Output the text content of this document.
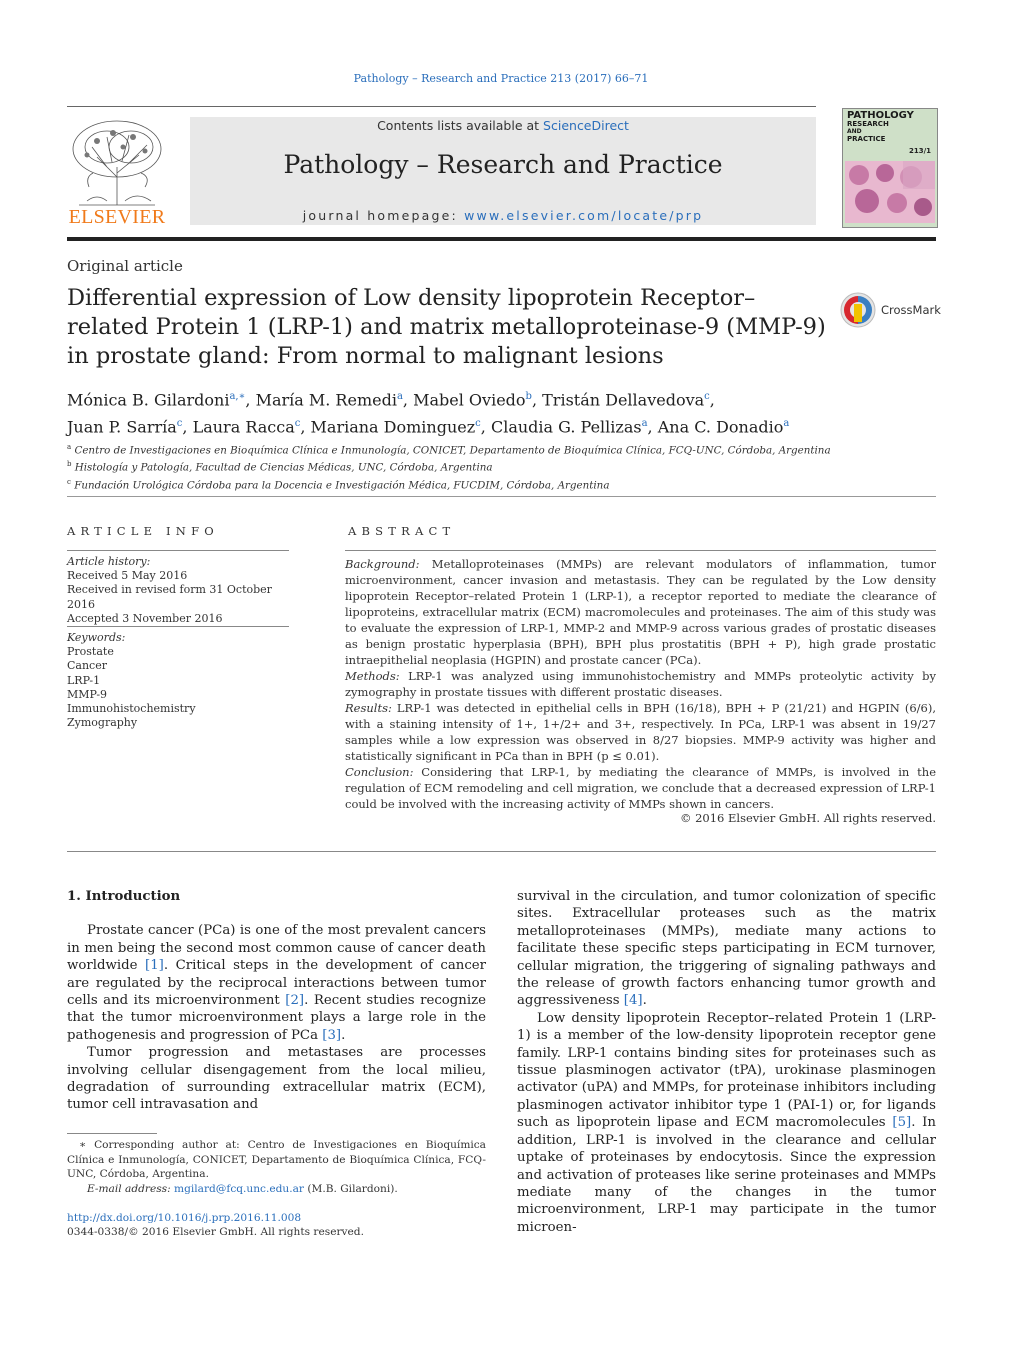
Pathology – Research and Practice 213 (2017) 66–71
ELSEVIER
Contents lists available at ScienceDirect
Pathology – Research and Practice
journal homepage: www.elsevier.com/locate/prp
PATHOLOGY
RESEARCH
AND
PRACTICE
213/1
Original article
Differential expression of Low density lipoprotein Receptor–related Protein 1 (LRP-1) and matrix metalloproteinase-9 (MMP-9) in prostate gland: From normal to malignant lesions
CrossMark
Mónica B. Gilardoni$^{a,∗}$, María M. Remedi$^a$, Mabel Oviedo$^b$, Tristán Dellavedova$^c$,
Juan P. Sarría$^c$, Laura Racca$^c$, Mariana Dominguez$^c$, Claudia G. Pellizas$^a$, Ana C. Donadio$^a$
$^a$ Centro de Investigaciones en Bioquímica Clínica e Inmunología, CONICET, Departamento de Bioquímica Clínica, FCQ-UNC, Córdoba, Argentina
$^b$ Histología y Patología, Facultad de Ciencias Médicas, UNC, Córdoba, Argentina
$^c$ Fundación Urológica Córdoba para la Docencia e Investigación Médica, FUCDIM, Córdoba, Argentina
ARTICLE INFO	ABSTRACT
Article history:
Received 5 May 2016
Received in revised form 31 October 2016
Accepted 3 November 2016
Keywords:
Prostate
Cancer
LRP-1
MMP-9
Immunohistochemistry
Zymography

Background: Metalloproteinases (MMPs) are relevant modulators of inflammation, tumor microenvironment, cancer invasion and metastasis. They can be regulated by the Low density lipoprotein Receptor–related Protein 1 (LRP-1), a receptor reported to mediate the clearance of lipoproteins, extracellular matrix (ECM) macromolecules and proteinases. The aim of this study was to evaluate the expression of LRP-1, MMP-2 and MMP-9 across various grades of prostatic diseases as benign prostatic hyperplasia (BPH), BPH plus prostatitis (BPH + P), high grade prostatic intraepithelial neoplasia (HGPIN) and prostate cancer (PCa).

Methods: LRP-1 was analyzed using immunohistochemistry and MMPs proteolytic activity by zymography in prostate tissues with different prostatic diseases.

Results: LRP-1 was detected in epithelial cells in BPH (16/18), BPH + P (21/21) and HGPIN (6/6), with a staining intensity of 1+, 1+/2+ and 3+, respectively. In PCa, LRP-1 was absent in 19/27 samples while a low expression was observed in 8/27 biopsies. MMP-9 activity was higher and statistically significant in PCa than in BPH (p ≤ 0.01).

Conclusion: Considering that LRP-1, by mediating the clearance of MMPs, is involved in the regulation of ECM remodeling and cell migration, we conclude that a decreased expression of LRP-1 could be involved with the increasing activity of MMPs shown in cancers.

© 2016 Elsevier GmbH. All rights reserved.

1. Introduction

Prostate cancer (PCa) is one of the most prevalent cancers in men being the second most common cause of cancer death worldwide [1]. Critical steps in the development of cancer are regulated by the reciprocal interactions between tumor cells and its microenvironment [2]. Recent studies recognize that the tumor microenvironment plays a large role in the pathogenesis and progression of PCa [3].

Tumor progression and metastases are processes involving cellular disengagement from the local milieu, degradation of surrounding extracellular matrix (ECM), tumor cell intravasation and

survival in the circulation, and tumor colonization of specific sites. Extracellular proteases such as the matrix metalloproteinases (MMPs), mediate many actions to facilitate these specific steps participating in ECM turnover, cellular migration, the triggering of signaling pathways and the release of growth factors enhancing tumor growth and aggressiveness [4].

Low density lipoprotein Receptor–related Protein 1 (LRP-1) is a member of the low-density lipoprotein receptor gene family. LRP-1 contains binding sites for proteinases such as tissue plasminogen activator (tPA), urokinase plasminogen activator (uPA) and MMPs, for proteinase inhibitors including plasminogen activator inhibitor type 1 (PAI-1) or, for ligands such as lipoprotein lipase and ECM macromolecules [5]. In addition, LRP-1 is involved in the clearance and cellular uptake of proteinases by endocytosis. Since the expression and activation of proteases like serine proteinases and MMPs mediate many of the changes in the tumor microenvironment, LRP-1 may participate in the tumor microen-

∗ Corresponding author at: Centro de Investigaciones en Bioquímica Clínica e Inmunología, CONICET, Departamento de Bioquímica Clínica, FCQ-UNC, Córdoba, Argentina.

E-mail address: mgilard@fcq.unc.edu.ar (M.B. Gilardoni).

http://dx.doi.org/10.1016/j.prp.2016.11.008
0344-0338/© 2016 Elsevier GmbH. All rights reserved.
